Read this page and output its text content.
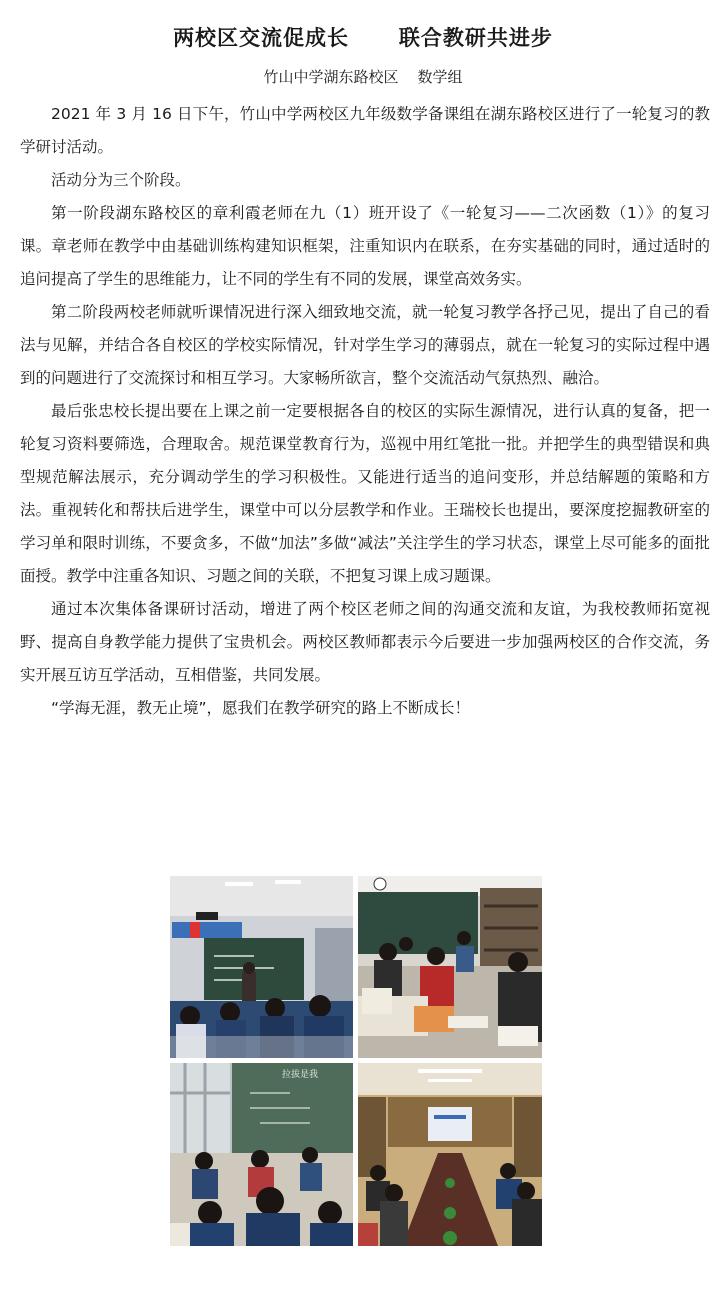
两校区交流促成长      联合教研共进步
竹山中学湖东路校区    数学组

2021 年 3 月 16 日下午，竹山中学两校区九年级数学备课组在湖东路校区进行了一轮复习的教学研讨活动。

活动分为三个阶段。

第一阶段湖东路校区的章利霞老师在九（1）班开设了《一轮复习——二次函数（1）》的复习课。章老师在教学中由基础训练构建知识框架，注重知识内在联系，在夯实基础的同时，通过适时的追问提高了学生的思维能力，让不同的学生有不同的发展，课堂高效务实。

第二阶段两校老师就听课情况进行深入细致地交流，就一轮复习教学各抒己见，提出了自己的看法与见解，并结合各自校区的学校实际情况，针对学生学习的薄弱点，就在一轮复习的实际过程中遇到的问题进行了交流探讨和相互学习。大家畅所欲言，整个交流活动气氛热烈、融洽。

最后张忠校长提出要在上课之前一定要根据各自的校区的实际生源情况，进行认真的复备，把一轮复习资料要筛选，合理取舍。规范课堂教育行为，巡视中用红笔批一批。并把学生的典型错误和典型规范解法展示，充分调动学生的学习积极性。又能进行适当的追问变形，并总结解题的策略和方法。重视转化和帮扶后进学生，课堂中可以分层教学和作业。王瑞校长也提出，要深度挖掘教研室的学习单和限时训练，不要贪多，不做“加法”多做“减法”关注学生的学习状态，课堂上尽可能多的面批面授。教学中注重各知识、习题之间的关联，不把复习课上成习题课。

通过本次集体备课研讨活动，增进了两个校区老师之间的沟通交流和友谊，为我校教师拓宽视野、提高自身教学能力提供了宝贵机会。两校区教师都表示今后要进一步加强两校区的合作交流，务实开展互访互学活动，互相借鉴，共同发展。

“学海无涯，教无止境”，愿我们在教学研究的路上不断成长！

拉拔是我
